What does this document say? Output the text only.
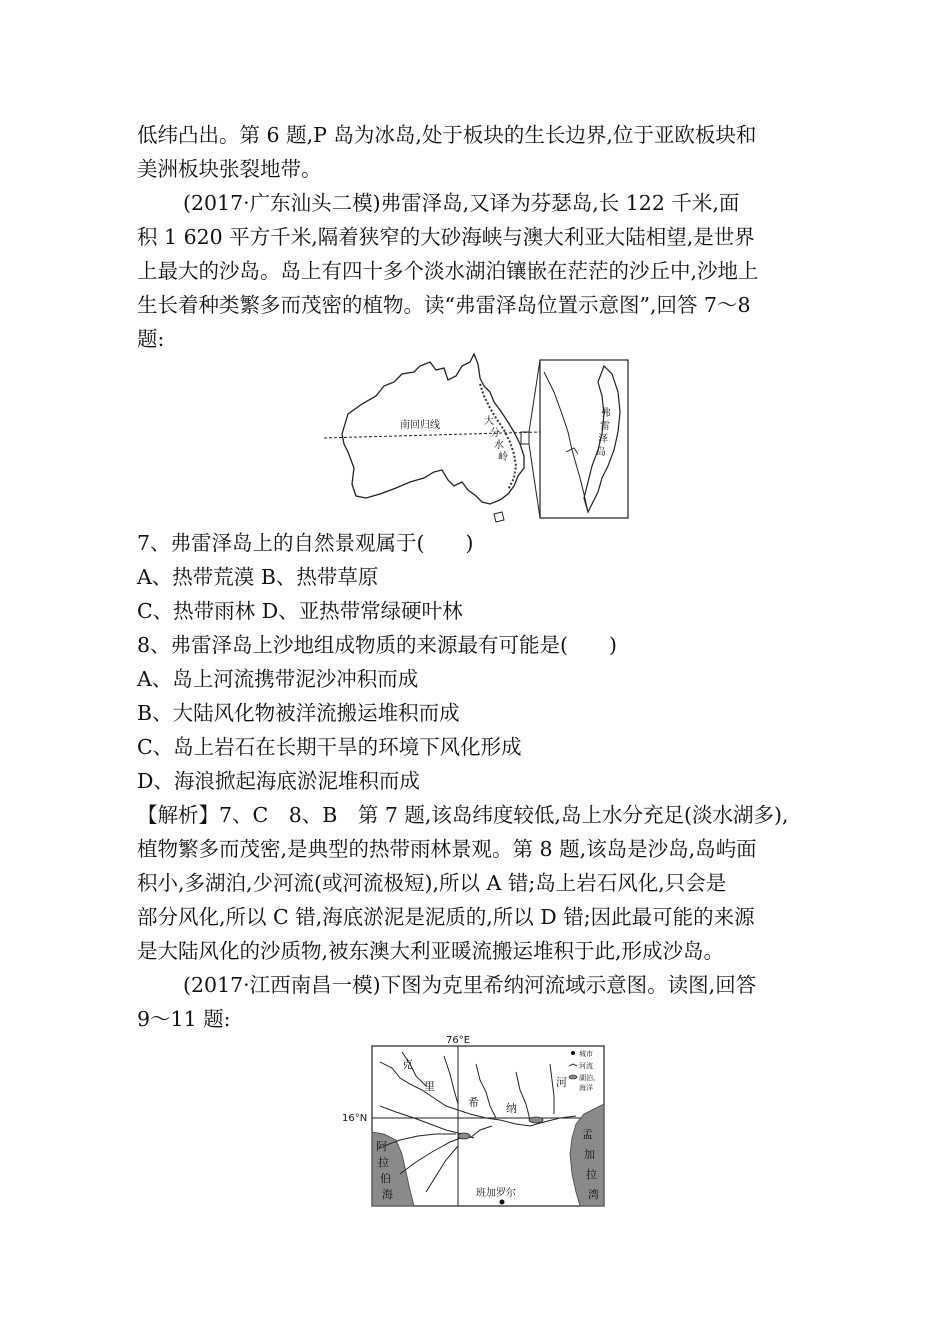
低纬凸出。第 6 题,P 岛为冰岛,处于板块的生长边界,位于亚欧板块和
美洲板块张裂地带。
(2017·广东汕头二模)弗雷泽岛,又译为芬瑟岛,长 122 千米,面
积 1 620 平方千米,隔着狭窄的大砂海峡与澳大利亚大陆相望,是世界
上最大的沙岛。岛上有四十多个淡水湖泊镶嵌在茫茫的沙丘中,沙地上
生长着种类繁多而茂密的植物。读“弗雷泽岛位置示意图”,回答 7～8
题:
南回归线	大
分
水
岭
弗
雷
泽
岛
7、弗雷泽岛上的自然景观属于(　　)
A、热带荒漠 B、热带草原
C、热带雨林 D、亚热带常绿硬叶林
8、弗雷泽岛上沙地组成物质的来源最有可能是(　　)
A、岛上河流携带泥沙冲积而成
B、大陆风化物被洋流搬运堆积而成
C、岛上岩石在长期干旱的环境下风化形成
D、海浪掀起海底淤泥堆积而成
【解析】7、C　8、B　第 7 题,该岛纬度较低,岛上水分充足(淡水湖多),
植物繁多而茂密,是典型的热带雨林景观。第 8 题,该岛是沙岛,岛屿面
积小,多湖泊,少河流(或河流极短),所以 A 错;岛上岩石风化,只会是
部分风化,所以 C 错,海底淤泥是泥质的,所以 D 错;因此最可能的来源
是大陆风化的沙质物,被东澳大利亚暖流搬运堆积于此,形成沙岛。
(2017·江西南昌一模)下图为克里希纳河流域示意图。读图,回答
9～11 题:
76°E
16°N
克
里
希 纳
河
阿
拉
伯
海
孟
加
拉
湾
班加罗尔
城市
河流
湖泊、
海洋
